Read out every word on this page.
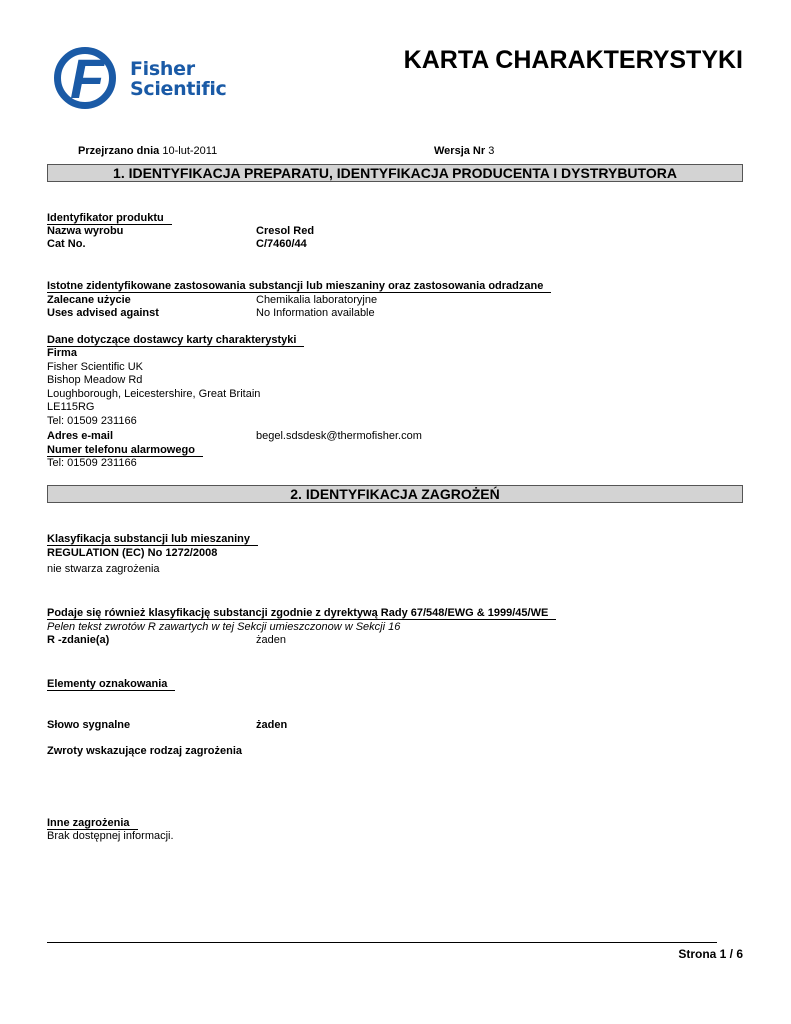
F Fisher
Scientific
KARTA CHARAKTERYSTYKI
Przejrzano dnia 10-lut-2011	Wersja Nr 3
1. IDENTYFIKACJA PREPARATU, IDENTYFIKACJA PRODUCENTA I DYSTRYBUTORA
Identyfikator produktu
Nazwa wyrobu	Cresol Red
Cat No.	C/7460/44
Istotne zidentyfikowane zastosowania substancji lub mieszaniny oraz zastosowania odradzane
Zalecane użycie	Chemikalia laboratoryjne
Uses advised against	No Information available
Dane dotyczące dostawcy karty charakterystyki
Firma
Fisher Scientific UK
Bishop Meadow Rd
Loughborough, Leicestershire, Great Britain
LE115RG
Tel: 01509 231166
Adres e-mail	begel.sdsdesk@thermofisher.com
Numer telefonu alarmowego
Tel: 01509 231166
2. IDENTYFIKACJA ZAGROŻEŃ
Klasyfikacja substancji lub mieszaniny
REGULATION (EC) No 1272/2008
nie stwarza zagrożenia
Podaje się również klasyfikację substancji zgodnie z dyrektywą Rady 67/548/EWG & 1999/45/WE
Pelen tekst zwrotów R zawartych w tej Sekcji umieszczonow w Sekcji 16
R -zdanie(a)	żaden
Elementy oznakowania
Słowo sygnalne	żaden
Zwroty wskazujące rodzaj zagrożenia
Inne zagrożenia
Brak dostępnej informacji.
Strona 1 / 6
